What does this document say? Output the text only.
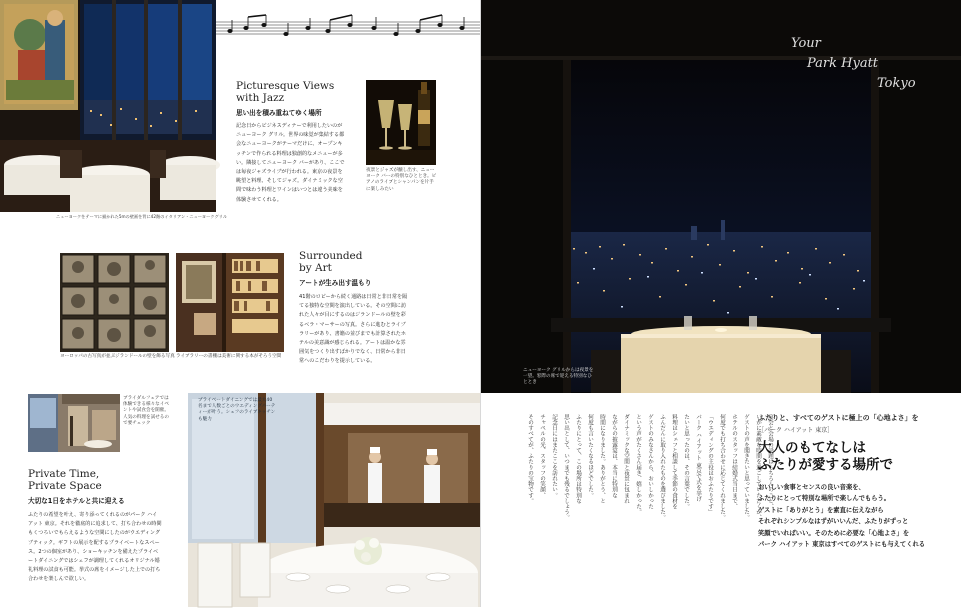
ニューヨークをテーマに描かれた5mの壁画を背に42階のイタリアン・ニューヨークグリル
Picturesque Views with Jazz
思い出を積み重ねてゆく場所
記念日からビジネスディナーで利用したいのがニューヨーク グリル。世界の味覚が集結する都会なニューヨークがテーマだけに、オープンキッチンで作られる料理は独創的なメニューが多い。隣接してニューヨーク バーがあり、ここでは毎夜ジャズライブが行われる。東京の夜景を眺望と料理、そしてジャズ。ダイナミックな空間で味わう料理とワインはいつとは違う美味を体験させてくれる。
夜景とジャズが醸し出す、ニューヨーク バーの特別なひととき。ピアノのライブとシャンパンを片手に楽しみたい
ヨーロッパの古写真が並ぶジランドールの壁を飾る写真 ライブラリーの書棚は美術に関する本がそろう空間
Surrounded by Art
アートが生み出す温もり
41階のロビーから続く通路は日常と非日常を隔てる独特な空間を演出している。その空間に訪れた人々が目にするのはジランドールの壁を彩るベラ・マーサーの写真。さらに進むとライブラリーがあり、書籍の並びまでも計算されたホテルの美意識が感じられる。アートは温かな雰囲気をつくり出すばかりでなく、日常から非日常へのこだわりを提示している。
ブライダルフェアでは体験できる様々なイベントや試食会を開催。人気の料理を試せるので要チェック
Private Time, Private Space
大切な1日をホテルと共に迎える
ふたりの希望を叶え、寄り添ってくれるのがパーク ハイアット 東京。それを徹底的に追求して、打ち合わせの時間もくつろいでもらえるような空間にしたのがウエディング ブティック。ギフトの展示を配するプライベートなスペース。2つの個室があり、ショーキッチンを備えたプライベートダイニングではシェフが調理してくれるオリジナル婚礼料理の試食も可能。挙式の席をイメージした上での打ち合わせを楽しんで欲しい。
プライベートダイニングでは最大40名まで人数ごとのウエディングパーティーが叶う。シェフのライブキッチンも魅力
Your
Park Hyatt
Tokyo
ニューヨーク グリルからは夜景を一望。窓際の席で迎える特別なひととき
宴会と会場の話題はもちろんのこと、
いかに素敵な時間を過ごしていただくか、
ゲストの声を聞きたいと思っていました。
ホテルのスタッフは結婚式当日まで、
何度でも打ち合わせに応じてくれました。
「ウエディングの主役はおふたりです」
パーク ハイアット 東京で式を挙げ
たいと思ったのは、その言葉でした。
料理はシェフと相談して季節の食材を
ふんだんに取り入れたものを選びました。
ゲストのみなさんから、おいしかった
という声がたくさん届き、嬉しかった。
ダイナミックな空間と夜景に包まれ
ながらの披露宴は、本当に特別な
時間になりました。ありがとう、と
何度も言いたくなるほどでした。
ふたりにとって、この場所は特別な
思い出として、いつまでも残るでしょう。
記念日にはまたここを訪れたい。
チャペルの光、スタッフの笑顔、
そのすべてが、ふたりの宝物です。	ふたりと、すべてのゲストに極上の「心地よさ」を
［パーク ハイアット 東京］
大人のもてなしは
ふたりが愛する場所で
おいしい食事とセンスの良い音楽を、
ふたりにとって特別な場所で楽しんでもらう。
ゲストに「ありがとう」を素直に伝えながら
それぞれシンプルなはずがいいんだ、ふたりがずっと
笑顔でいればいい。そのために必要な「心地よさ」を
パーク ハイアット 東京はすべてのゲストにも与えてくれる
